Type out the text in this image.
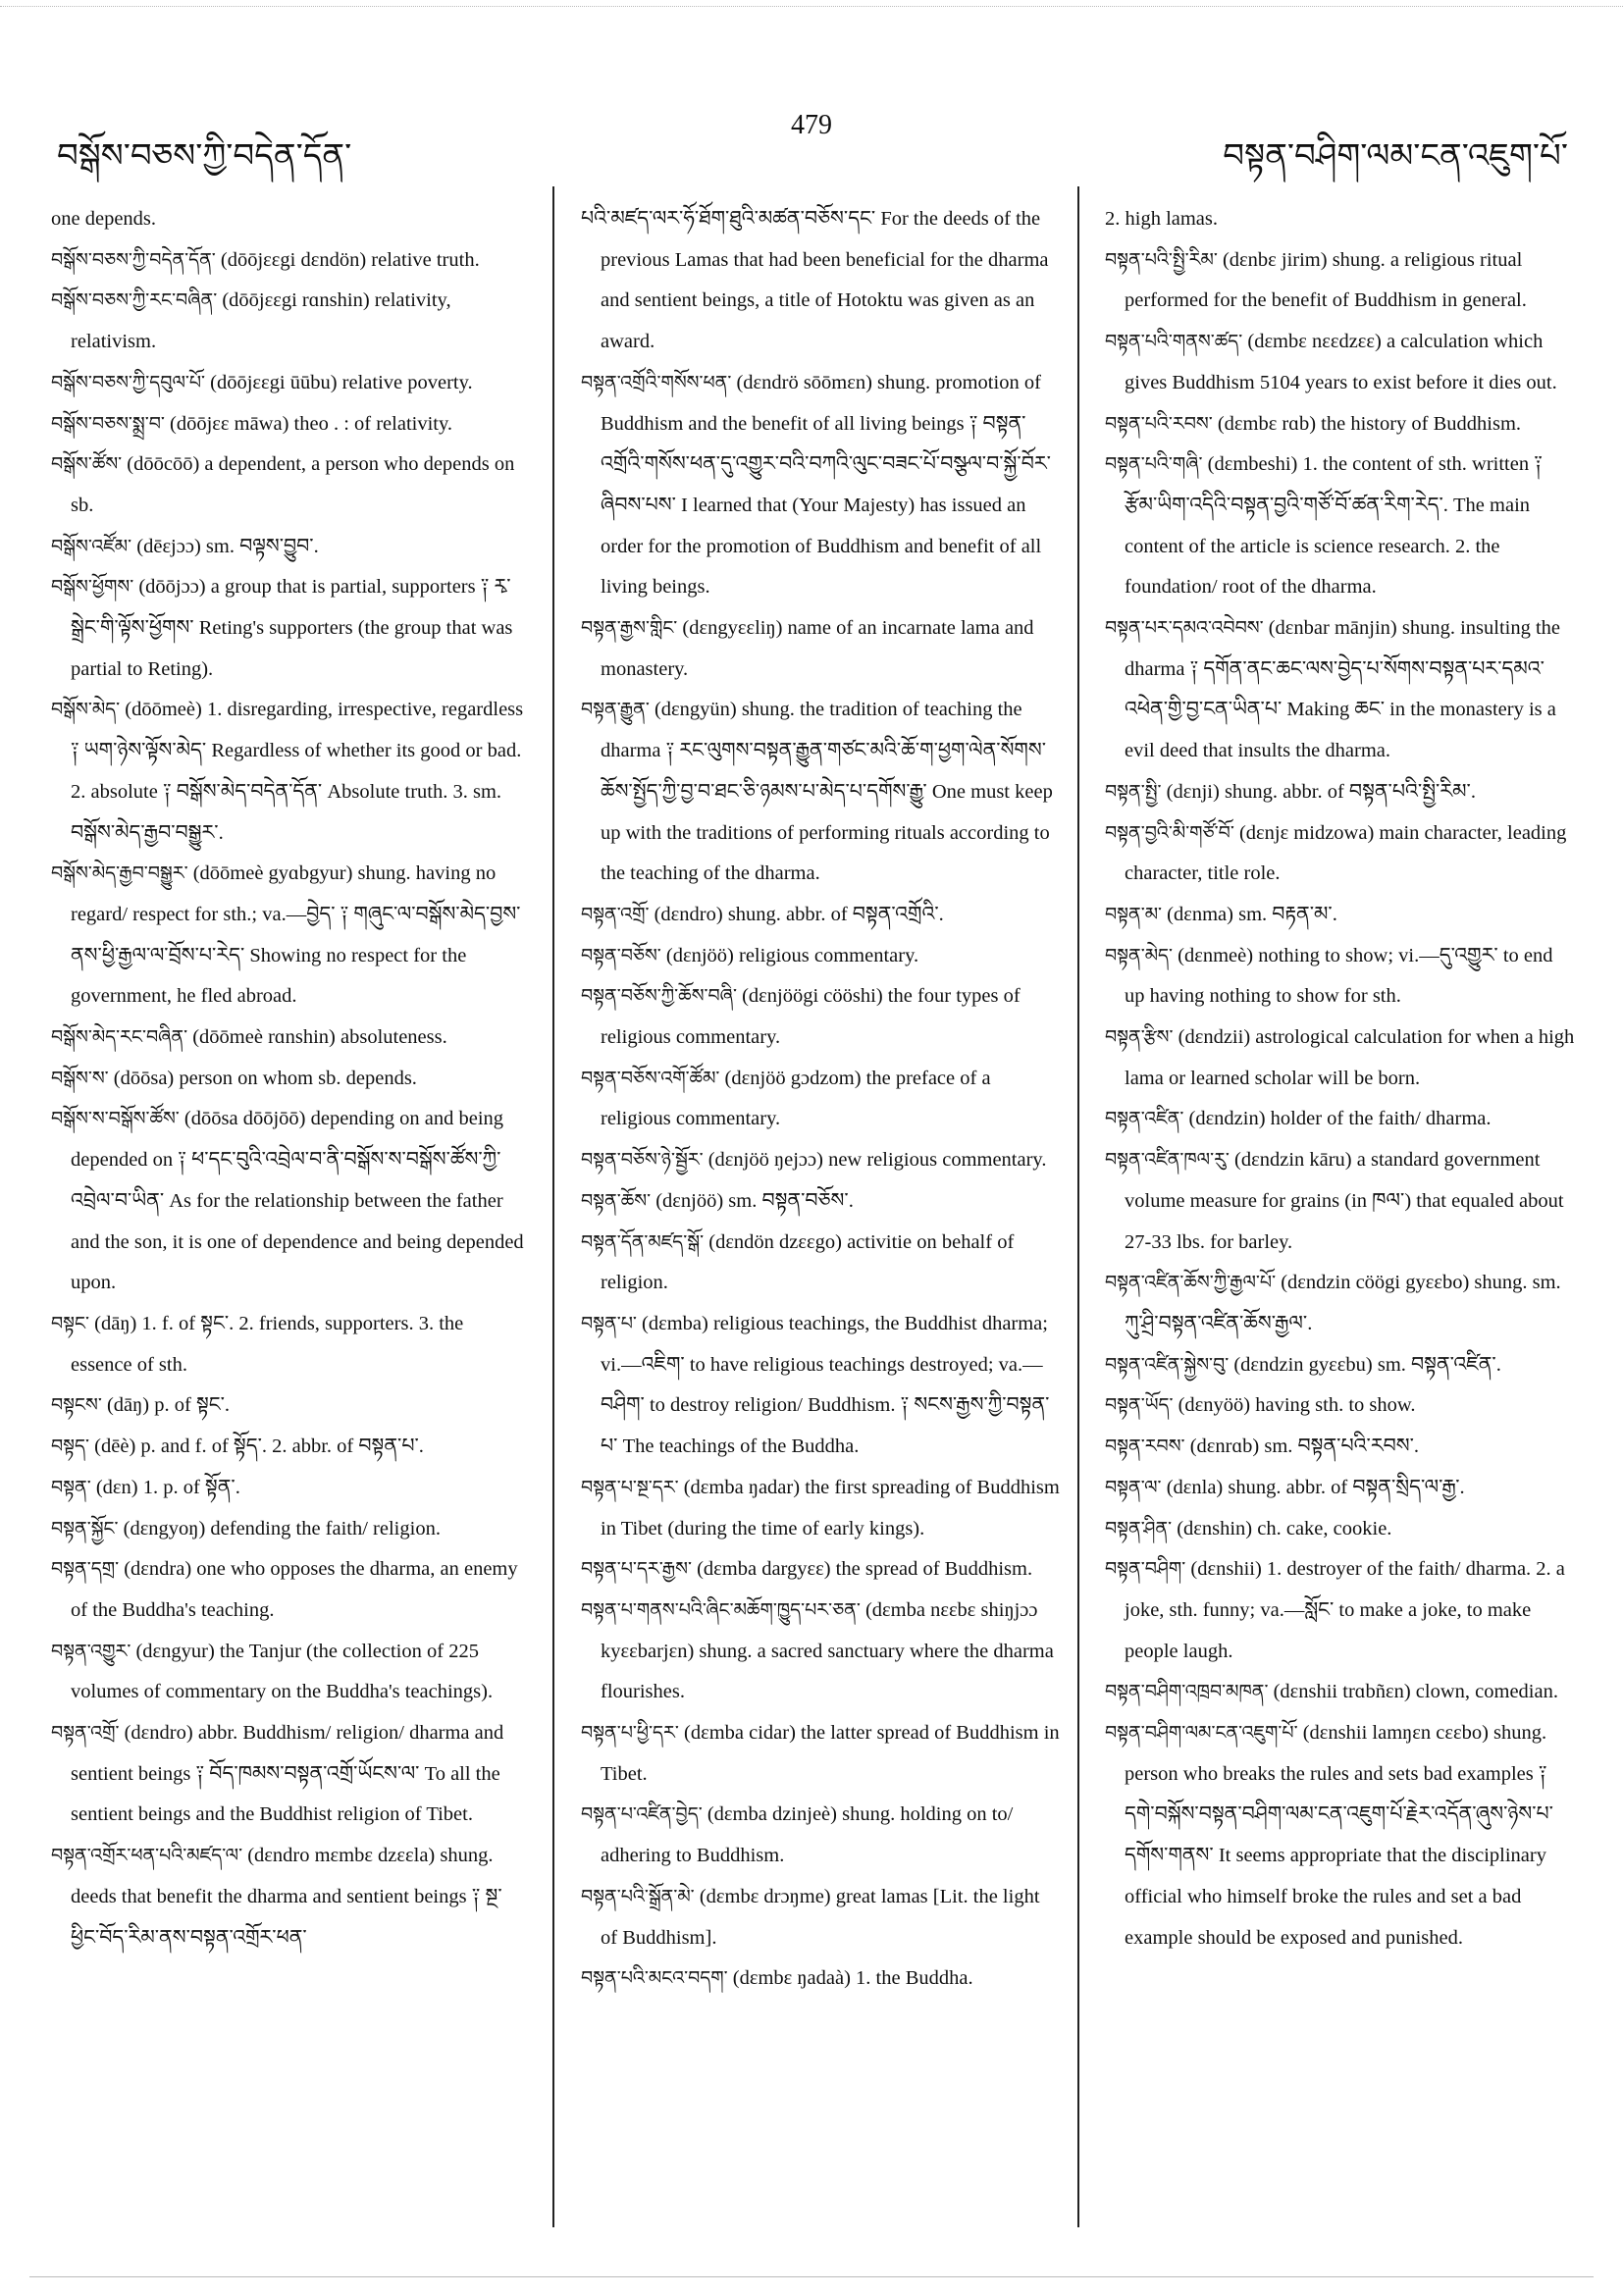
བསྒོས་བཅས་ཀྱི་བདེན་དོན་
479
བསྟན་བཤིག་ལམ་ངན་འཇུག་པོ་

one depends.

བསྒོས་བཅས་ཀྱི་བདེན་དོན་ (dōōjɛɛgi dɛndön) relative truth.

བསྒོས་བཅས་ཀྱི་རང་བཞིན་ (dōōjɛɛgi rɑnshin) relativity, relativism.

བསྒོས་བཅས་ཀྱི་དབུལ་པོ་ (dōōjɛɛgi ūūbu) relative poverty.

བསྒོས་བཅས་སྨྲ་བ་ (dōōjɛɛ māwa) theo . : of relativity.

བསྒོས་ཚོས་ (dōōcōō) a dependent, a person who depends on sb.

བསྒོས་འཛོམ་ (dēɛjɔɔ) sm. བལྟས་བྱུབ་.

བསྒོས་ཕྱོགས་ (dōōjɔɔ) a group that is partial, supporters ༑ རྭ་སྒྲེང་གི་ལྟོས་ཕྱོགས་ Reting's supporters (the group that was partial to Reting).

བསྒོས་མེད་ (dōōmeè) 1. disregarding, irrespective, regardless ༑ ཡག་ཉེས་ལྟོས་མེད་ Regardless of whether its good or bad. 2. absolute ༑ བསྒོས་མེད་བདེན་དོན་ Absolute truth. 3. sm. བསྒོས་མེད་རྒྱབ་བསྒྱུར་.

བསྒོས་མེད་རྒྱབ་བསྒྱུར་ (dōōmeè gyɑbgyur) shung. having no regard/ respect for sth.; va.—བྱེད་ ༑ གཞུང་ལ་བསྒོས་མེད་བྱས་ནས་ཕྱི་རྒྱལ་ལ་བྲོས་པ་རེད་ Showing no respect for the government, he fled abroad.

བསྒོས་མེད་རང་བཞིན་ (dōōmeè rɑnshin) absoluteness.

བསྒོས་ས་ (dōōsa) person on whom sb. depends.

བསྒོས་ས་བསྒོས་ཚོས་ (dōōsa dōōjōō) depending on and being depended on ༑ ཕ་དང་བུའི་འབྲེལ་བ་ནི་བསྒོས་ས་བསྒོས་ཚོས་ཀྱི་འབྲེལ་བ་ཡིན་ As for the relationship between the father and the son, it is one of dependence and being depended upon.

བསྟང་ (dāŋ) 1. f. of སྟང་. 2. friends, supporters. 3. the essence of sth.

བསྟངས་ (dāŋ) p. of སྟང་.

བསྟད་ (dēè) p. and f. of སྟོད་. 2. abbr. of བསྟན་པ་.

བསྟན་ (dɛn) 1. p. of སྟོན་.

བསྟན་སྐྱོང་ (dɛngyoŋ) defending the faith/ religion.

བསྟན་དགྲ་ (dɛndra) one who opposes the dharma, an enemy of the Buddha's teaching.

བསྟན་འགྱུར་ (dɛngyur) the Tanjur (the collection of 225 volumes of commentary on the Buddha's teachings).

བསྟན་འགྲོ་ (dɛndro) abbr. Buddhism/ religion/ dharma and sentient beings ༑ བོད་ཁམས་བསྟན་འགྲོ་ཡོངས་ལ་ To all the sentient beings and the Buddhist religion of Tibet.

བསྟན་འགྲོར་ཕན་པའི་མཛད་ལ་ (dɛndro mɛmbɛ dzɛɛla) shung. deeds that benefit the dharma and sentient beings ༑ སྔ་ཕྱིང་བོད་རིམ་ནས་བསྟན་འགྲོར་ཕན་

པའི་མཛད་ལར་ཧོ་ཐོག་ཐུའི་མཚན་བཅོས་དང་ For the deeds of the previous Lamas that had been beneficial for the dharma and sentient beings, a title of Hotoktu was given as an award.

བསྟན་འགྲོའི་གསོས་ཕན་ (dɛndrö sōōmɛn) shung. promotion of Buddhism and the benefit of all living beings ༑ བསྟན་འགྲོའི་གསོས་ཕན་དུ་འགྱུར་བའི་བཀའི་ལུང་བཟང་པོ་བསྩལ་བ་སྐྱོ་བོར་ཞིབས་པས་ I learned that (Your Majesty) has issued an order for the promotion of Buddhism and benefit of all living beings.

བསྟན་རྒྱས་གླིང་ (dɛngyɛɛliŋ) name of an incarnate lama and monastery.

བསྟན་རྒྱུན་ (dɛngyün) shung. the tradition of teaching the dharma ༑ རང་ལུགས་བསྟན་རྒྱུན་གཙང་མའི་ཆོ་ག་ཕྱག་ལེན་སོགས་ཆོས་སྤྱོད་ཀྱི་བྱ་བ་ཐང་ཅི་ཉམས་པ་མེད་པ་དགོས་རྒྱུ་ One must keep up with the traditions of performing rituals according to the teaching of the dharma.

བསྟན་འགྲོ་ (dɛndro) shung. abbr. of བསྟན་འགྲོའི་.

བསྟན་བཅོས་ (dɛnjöö) religious commentary.

བསྟན་བཅོས་ཀྱི་ཆོས་བཞི་ (dɛnjöögi cööshi) the four types of religious commentary.

བསྟན་བཅོས་འགོ་ཚོམ་ (dɛnjöö gɔdzom) the preface of a religious commentary.

བསྟན་བཅོས་ཉེ་སྦྱོར་ (dɛnjöö ŋejɔɔ) new religious commentary.

བསྟན་ཆོས་ (dɛnjöö) sm. བསྟན་བཅོས་.

བསྟན་དོན་མཛད་སྒོ་ (dɛndön dzɛɛgo) activitie on behalf of religion.

བསྟན་པ་ (dɛmba) religious teachings, the Buddhist dharma; vi.—འཇིག་ to have religious teachings destroyed; va.—བཤིག་ to destroy religion/ Buddhism. ༑ སངས་རྒྱས་ཀྱི་བསྟན་པ་ The teachings of the Buddha.

བསྟན་པ་སྔ་དར་ (dɛmba ŋadar) the first spreading of Buddhism in Tibet (during the time of early kings).

བསྟན་པ་དར་རྒྱས་ (dɛmba dargyɛɛ) the spread of Buddhism.

བསྟན་པ་གནས་པའི་ཞིང་མཆོག་ཁྱུད་པར་ཅན་ (dɛmba nɛɛbɛ shiŋjɔɔ kyɛɛbarjɛn) shung. a sacred sanctuary where the dharma flourishes.

བསྟན་པ་ཕྱི་དར་ (dɛmba cidar) the latter spread of Buddhism in Tibet.

བསྟན་པ་འཛིན་བྱེད་ (dɛmba dzinjeè) shung. holding on to/ adhering to Buddhism.

བསྟན་པའི་སྒྲོན་མེ་ (dɛmbɛ drɔŋme) great lamas [Lit. the light of Buddhism].

བསྟན་པའི་མངའ་བདག་ (dɛmbɛ ŋadaà) 1. the Buddha.

2. high lamas.

བསྟན་པའི་སྤྱི་རིམ་ (dɛnbɛ jirim) shung. a religious ritual performed for the benefit of Buddhism in general.

བསྟན་པའི་གནས་ཚད་ (dɛmbɛ nɛɛdzɛɛ) a calculation which gives Buddhism 5104 years to exist before it dies out.

བསྟན་པའི་རབས་ (dɛmbɛ rɑb) the history of Buddhism.

བསྟན་པའི་གཞི་ (dɛmbeshi) 1. the content of sth. written ༑ རྩོམ་ཡིག་འདིའི་བསྟན་བྱའི་གཙོ་བོ་ཚན་རིག་རེད་. The main content of the article is science research. 2. the foundation/ root of the dharma.

བསྟན་པར་དམའ་འབེབས་ (dɛnbar mānjin) shung. insulting the dharma ༑ དགོན་ནང་ཆང་ལས་བྱེད་པ་སོགས་བསྟན་པར་དམའ་འཕེན་གྱི་བྱ་ངན་ཡིན་པ་ Making ཆང་ in the monastery is a evil deed that insults the dharma.

བསྟན་སྤྱི་ (dɛnji) shung. abbr. of བསྟན་པའི་སྤྱི་རིམ་.

བསྟན་བྱའི་མི་གཙོ་བོ་ (dɛnjɛ midzowa) main character, leading character, title role.

བསྟན་མ་ (dɛnma) sm. བརྟན་མ་.

བསྟན་མེད་ (dɛnmeè) nothing to show; vi.—དུ་འགྱུར་ to end up having nothing to show for sth.

བསྟན་རྩིས་ (dɛndzii) astrological calculation for when a high lama or learned scholar will be born.

བསྟན་འཛིན་ (dɛndzin) holder of the faith/ dharma.

བསྟན་འཛིན་ཁལ་རུ་ (dɛndzin kāru) a standard government volume measure for grains (in ཁལ་) that equaled about 27-33 lbs. for barley.

བསྟན་འཛིན་ཆོས་ཀྱི་རྒྱལ་པོ་ (dɛndzin cöögi gyɛɛbo) shung. sm. ཀུ་ཤྲི་བསྟན་འཛིན་ཆོས་རྒྱལ་.

བསྟན་འཛིན་སྐྱེས་བུ་ (dɛndzin gyɛɛbu) sm. བསྟན་འཛིན་.

བསྟན་ཡོད་ (dɛnyöö) having sth. to show.

བསྟན་རབས་ (dɛnrɑb) sm. བསྟན་པའི་རབས་.

བསྟན་ལ་ (dɛnla) shung. abbr. of བསྟན་སྲིད་ལ་རྒྱ་.

བསྟན་ཤིན་ (dɛnshin) ch. cake, cookie.

བསྟན་བཤིག་ (dɛnshii) 1. destroyer of the faith/ dharma. 2. a joke, sth. funny; va.—སློང་ to make a joke, to make people laugh.

བསྟན་བཤིག་འཁྲབ་མཁན་ (dɛnshii trɑbñɛn) clown, comedian.

བསྟན་བཤིག་ལམ་ངན་འཇུག་པོ་ (dɛnshii lamŋɛn cɛɛbo) shung. person who breaks the rules and sets bad examples ༑ དགེ་བསྐོས་བསྟན་བཤིག་ལམ་ངན་འཇུག་པོ་རྗེར་འདོན་ཞུས་ཉེས་པ་དགོས་གནས་ It seems appropriate that the disciplinary official who himself broke the rules and set a bad example should be exposed and punished.
